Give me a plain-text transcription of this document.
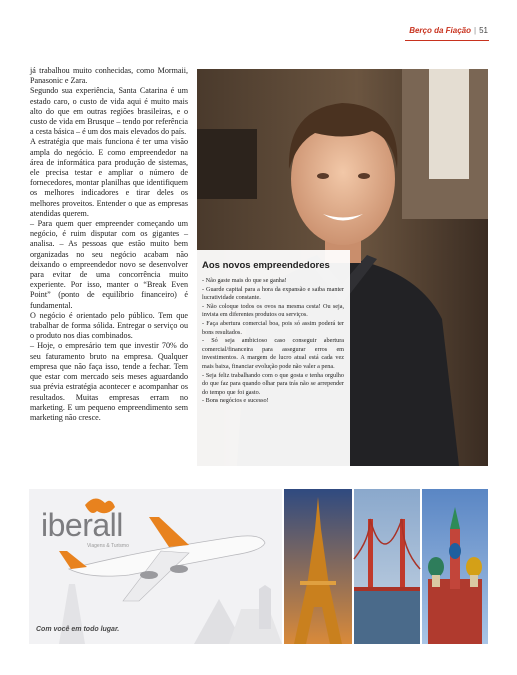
Berço da Fiação | 51

já trabalhou muito conhecidas, como Mormaii, Panasonic e Zara.

Segundo sua experiência, Santa Catarina é um estado caro, o custo de vida aqui é muito mais alto do que em outras regiões brasileiras, e o custo de vida em Brusque – tendo por referência a cesta básica – é um dos mais elevados do país.

A estratégia que mais funciona é ter uma visão ampla do negócio. E como empreendedor na área de informática para produção de sistemas, ele precisa testar e ampliar o número de fornecedores, montar planilhas que identifiquem os melhores indicadores e tirar deles os melhores proveitos. Entender o que as empresas atendidas querem.

– Para quem quer empreender começando um negócio, é ruim disputar com os gigantes – analisa. – As pessoas que estão muito bem organizadas no seu negócio acabam não deixando o empreendedor novo se desenvolver para evitar de uma concorrência muito experiente. Por isso, manter o “Break Even Point” (ponto de equilíbrio financeiro) é fundamental.

O negócio é orientado pelo público. Tem que trabalhar de forma sólida. Entregar o serviço ou o produto nos dias combinados.

– Hoje, o empresário tem que investir 70% do seu faturamento bruto na empresa. Qualquer empresa que não faça isso, tende a fechar. Tem que estar com mercado seis meses aguardando sua prévia estratégia acontecer e acompanhar os resultados. Muitas empresas erram no marketing. E um pequeno empreendimento sem marketing não cresce.

Aos novos empreendedores

- Não gaste mais do que se ganha!

- Guarde capital para a hora da expansão e saiba manter lucratividade constante.

- Não coloque todos os ovos na mesma cesta! Ou seja, invista em diferentes produtos ou serviços.

- Faça abertura comercial boa, pois só assim poderá ter bons resultados.

- Só seja ambicioso caso conseguir abertura comercial/financeira para assegurar erros em investimentos. A margem de lucro atual está cada vez mais baixa, financiar evolução pode não valer a pena.

- Seja feliz trabalhando com o que gosta e tenha orgulho do que faz para quando olhar para trás não se arrepender do tempo que foi gasto.

- Bons negócios e sucesso!

iberall
Viagens & Turismo
Com você em todo lugar.
